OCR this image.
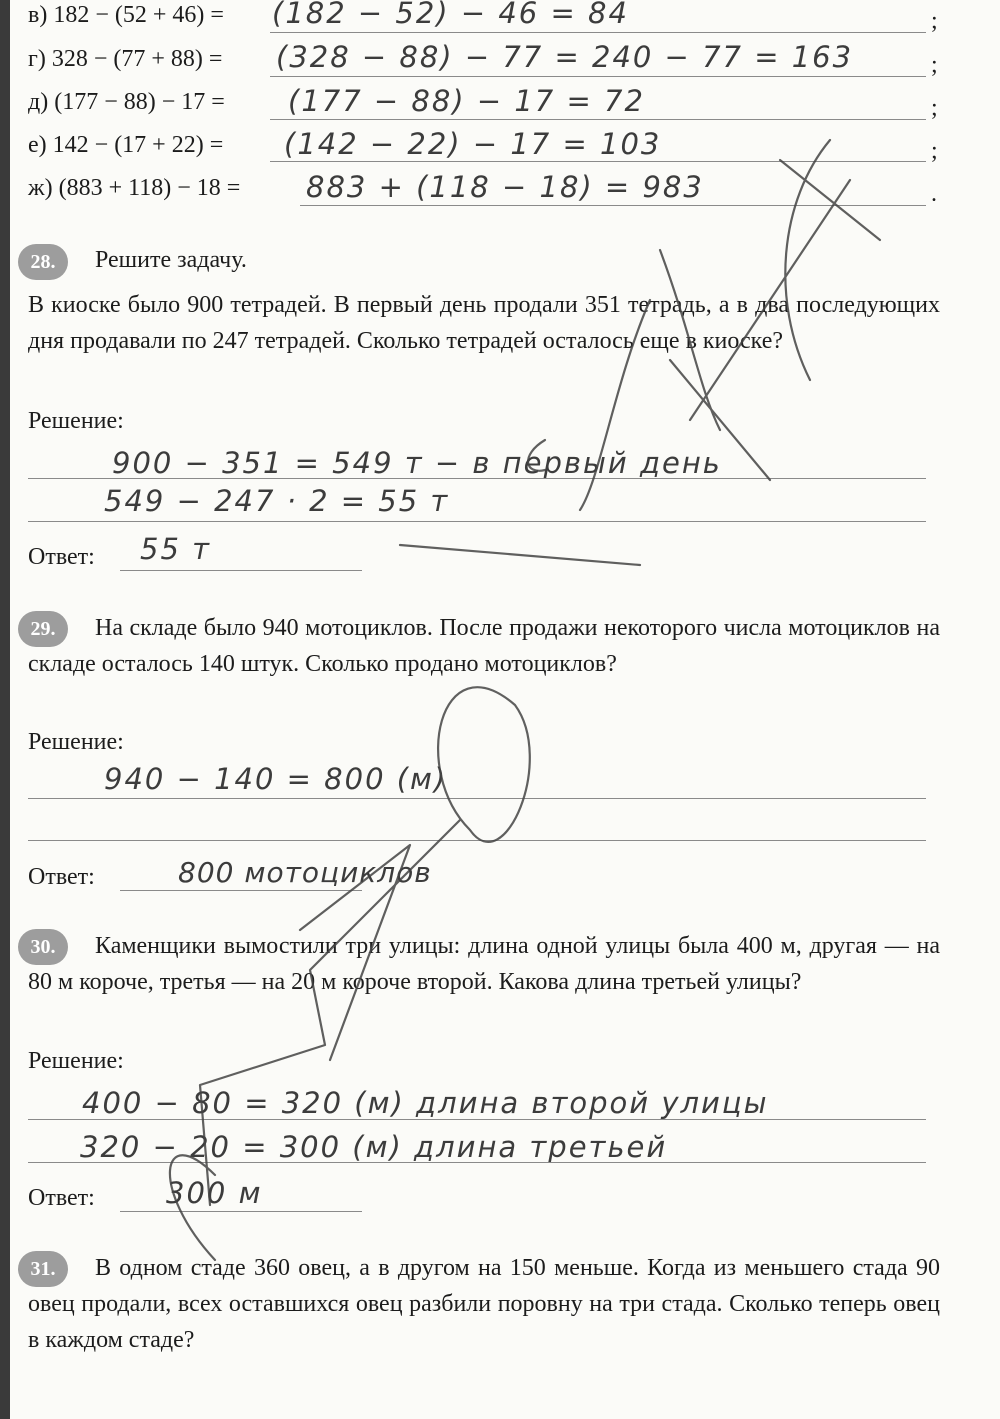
в) 182 − (52 + 46) = (182 − 52) − 46 = 84	;
г) 328 − (77 + 88) = (328 − 88) − 77 = 240 − 77 = 163	;
д) (177 − 88) − 17 = (177 − 88) − 17 = 72	;
е) 142 − (17 + 22) = (142 − 22) − 17 = 103	;
ж) (883 + 118) − 18 = 883 + (118 − 18) = 983	.
28.	Решите задачу.
В киоске было 900 тетрадей. В первый день продали 351 тетрадь, а в два последующих дня продавали по 247 тетрадей. Сколько тетрадей осталось еще в киоске?
Решение:
900 − 351 = 549 т − в первый день
549 − 247 · 2 = 55 т
Ответ: 55 т
29.	На складе было 940 мотоциклов. После продажи некоторого числа мотоциклов на складе осталось 140 штук. Сколько продано мотоциклов?
Решение:
940 − 140 = 800 (м)
Ответ:	800 мотоциклов
30.	Каменщики вымостили три улицы: длина одной улицы была 400 м, другая — на 80 м короче, третья — на 20 м короче второй. Какова длина третьей улицы?
Решение:
400 − 80 = 320 (м) длина второй улицы
320 − 20 = 300 (м) длина третьей
Ответ: 300 м
31.	В одном стаде 360 овец, а в другом на 150 меньше. Когда из меньшего стада 90 овец продали, всех оставшихся овец разбили поровну на три стада. Сколько теперь овец в каждом стаде?
